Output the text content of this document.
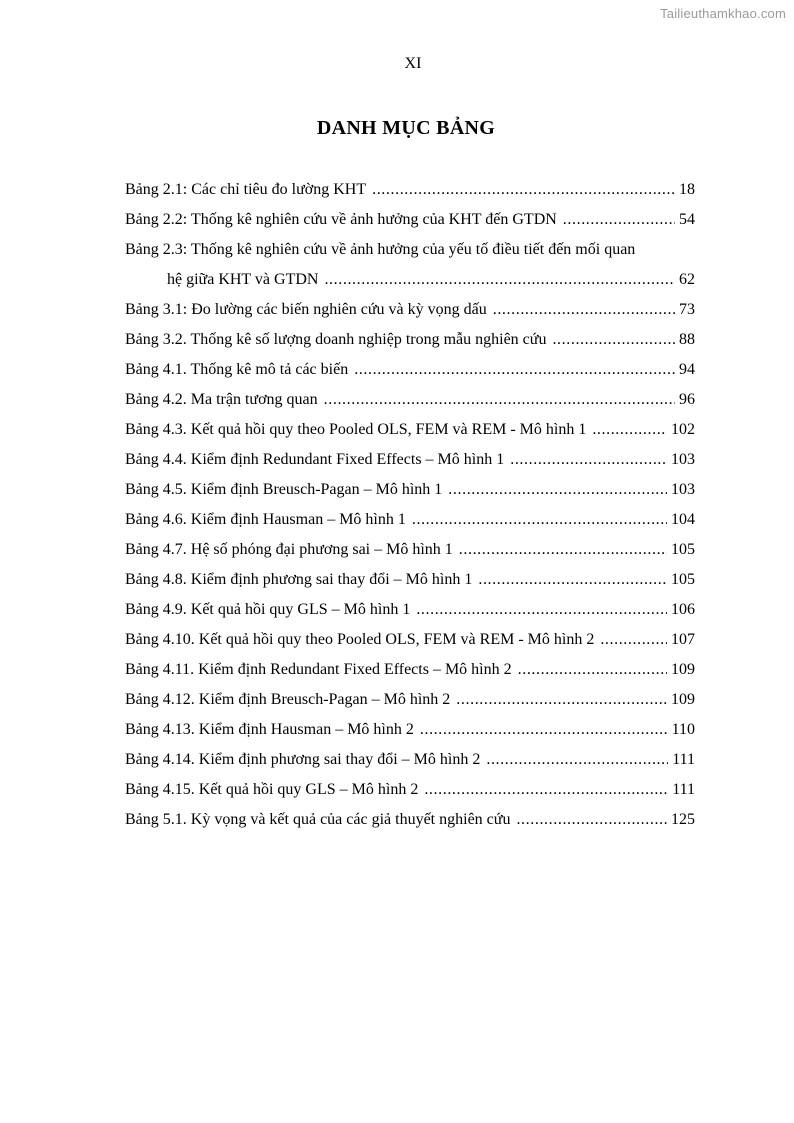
Tailieuthamkhao.com
XI
DANH MỤC BẢNG
Bảng 2.1: Các chỉ tiêu đo lường KHT .....	18
Bảng 2.2: Thống kê nghiên cứu về ảnh hưởng của KHT đến GTDN .....	54
Bảng 2.3: Thống kê nghiên cứu về ảnh hưởng của yếu tố điều tiết đến mối quan
hệ giữa KHT và GTDN .....	62
Bảng 3.1: Đo lường các biến nghiên cứu và kỳ vọng dấu .....	73
Bảng 3.2. Thống kê số lượng doanh nghiệp trong mẫu nghiên cứu .....	88
Bảng 4.1. Thống kê mô tả các biến .....	94
Bảng 4.2. Ma trận tương quan .....	96
Bảng 4.3. Kết quả hồi quy theo Pooled OLS, FEM và REM - Mô hình 1 .....	102
Bảng 4.4. Kiểm định Redundant Fixed Effects – Mô hình 1 .....	103
Bảng 4.5. Kiểm định Breusch-Pagan – Mô hình 1 .....	103
Bảng 4.6. Kiểm định Hausman – Mô hình 1 .....	104
Bảng 4.7. Hệ số phóng đại phương sai – Mô hình 1 .....	105
Bảng 4.8. Kiểm định phương sai thay đổi – Mô hình 1 .....	105
Bảng 4.9. Kết quả hồi quy GLS – Mô hình 1 .....	106
Bảng 4.10. Kết quả hồi quy theo Pooled OLS, FEM và REM - Mô hình 2 .....	107
Bảng 4.11. Kiểm định Redundant Fixed Effects – Mô hình 2 .....	109
Bảng 4.12. Kiểm định Breusch-Pagan – Mô hình 2 .....	109
Bảng 4.13. Kiểm định Hausman – Mô hình 2 .....	110
Bảng 4.14. Kiểm định phương sai thay đổi – Mô hình 2 .....	111
Bảng 4.15. Kết quả hồi quy GLS – Mô hình 2 .....	111
Bảng 5.1. Kỳ vọng và kết quả của các giả thuyết nghiên cứu .....	125
